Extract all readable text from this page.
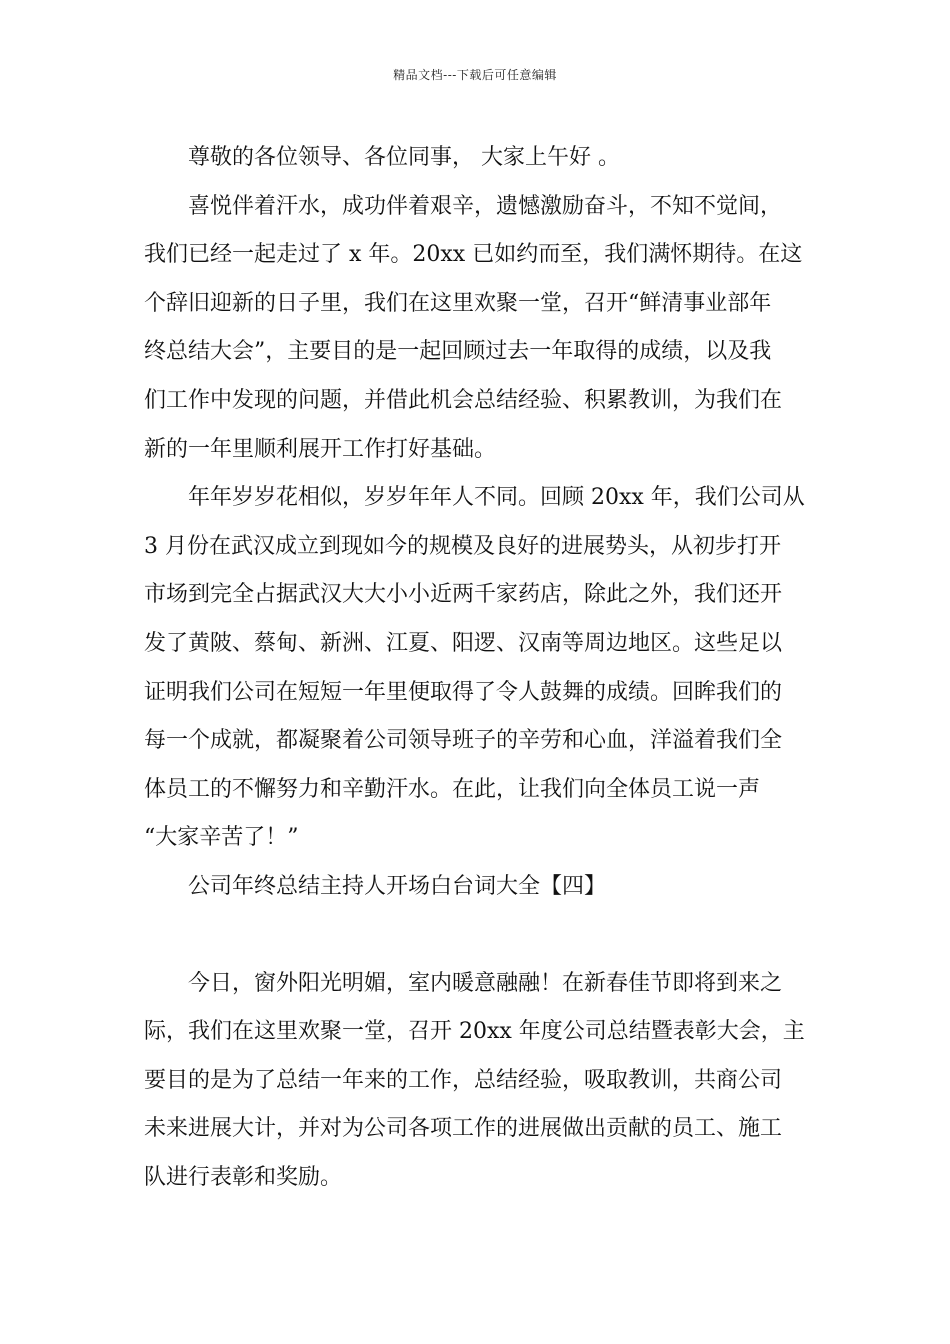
精品文档---下载后可任意编辑
尊敬的各位领导、各位同事， 大家上午好 。
喜悦伴着汗水，成功伴着艰辛，遗憾激励奋斗，不知不觉间，
我们已经一起走过了 x 年。20xx 已如约而至，我们满怀期待。在这
个辞旧迎新的日子里，我们在这里欢聚一堂，召开“鲜清事业部年
终总结大会”，主要目的是一起回顾过去一年取得的成绩，以及我
们工作中发现的问题，并借此机会总结经验、积累教训，为我们在
新的一年里顺利展开工作打好基础。
年年岁岁花相似，岁岁年年人不同。回顾 20xx 年，我们公司从
3 月份在武汉成立到现如今的规模及良好的进展势头，从初步打开
市场到完全占据武汉大大小小近两千家药店，除此之外，我们还开
发了黄陂、蔡甸、新洲、江夏、阳逻、汉南等周边地区。这些足以
证明我们公司在短短一年里便取得了令人鼓舞的成绩。回眸我们的
每一个成就，都凝聚着公司领导班子的辛劳和心血，洋溢着我们全
体员工的不懈努力和辛勤汗水。在此，让我们向全体员工说一声
“大家辛苦了！”
公司年终总结主持人开场白台词大全【四】
今日，窗外阳光明媚，室内暖意融融！在新春佳节即将到来之
际，我们在这里欢聚一堂，召开 20xx 年度公司总结暨表彰大会，主
要目的是为了总结一年来的工作，总结经验，吸取教训，共商公司
未来进展大计，并对为公司各项工作的进展做出贡献的员工、施工
队进行表彰和奖励。
